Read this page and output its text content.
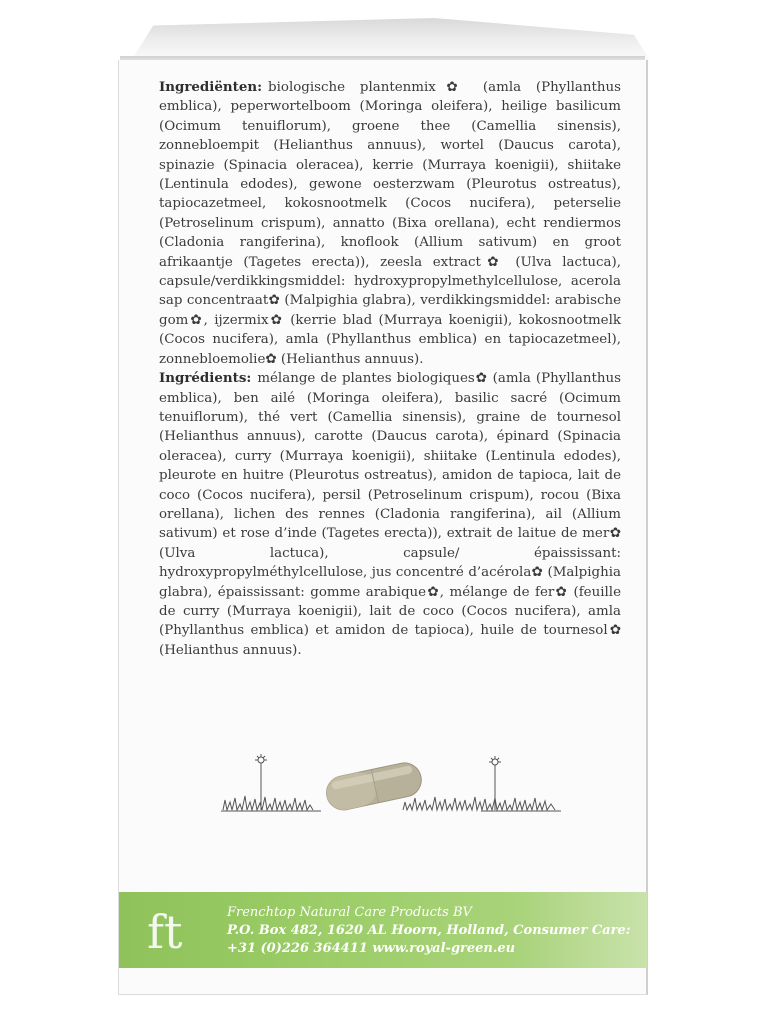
Ingrediënten: biologische plantenmix✿ (amla (Phyllanthus emblica), peperwortelboom (Moringa oleifera), heilige basilicum (Ocimum tenuiflorum), groene thee (Camellia sinensis), zonnebloempit (Helianthus annuus), wortel (Daucus carota), spinazie (Spinacia oleracea), kerrie (Murraya koenigii), shiitake (Lentinula edodes), gewone oesterzwam (Pleurotus ostreatus), tapiocazetmeel, kokosnootmelk (Cocos nucifera), peterselie (Petroselinum crispum), annatto (Bixa orellana), echt rendiermos (Cladonia rangiferina), knoflook (Allium sativum) en groot afrikaantje (Tagetes erecta)), zeesla extract✿ (Ulva lactuca), capsule/verdikkingsmiddel: hydroxypropylmethylcellulose, acerola sap concentraat✿ (Malpighia glabra), verdikkingsmiddel: arabische gom✿, ijzermix✿ (kerrie blad (Murraya koenigii), kokosnootmelk (Cocos nucifera), amla (Phyllanthus emblica) en tapiocazetmeel), zonnebloemolie✿ (Helianthus annuus).

Ingrédients: mélange de plantes biologiques✿ (amla (Phyllanthus emblica), ben ailé (Moringa oleifera), basilic sacré (Ocimum tenuiflorum), thé vert (Camellia sinensis), graine de tournesol (Helianthus annuus), carotte (Daucus carota), épinard (Spinacia oleracea), curry (Murraya koenigii), shiitake (Lentinula edodes), pleurote en huitre (Pleurotus ostreatus), amidon de tapioca, lait de coco (Cocos nucifera), persil (Petroselinum crispum), rocou (Bixa orellana), lichen des rennes (Cladonia rangiferina), ail (Allium sativum) et rose d’inde (Tagetes erecta)), extrait de laitue de mer✿ (Ulva lactuca), capsule/ épaississant: hydroxypropylméthylcellulose, jus concentré d’acérola✿ (Malpighia glabra), épaississant: gomme arabique✿, mélange de fer✿ (feuille de curry (Murraya koenigii), lait de coco (Cocos nucifera), amla (Phyllanthus emblica) et amidon de tapioca), huile de tournesol✿ (Helianthus annuus).

ft	Frenchtop Natural Care Products BV
P.O. Box 482, 1620 AL Hoorn, Holland, Consumer Care:
+31 (0)226 364411 www.royal-green.eu
